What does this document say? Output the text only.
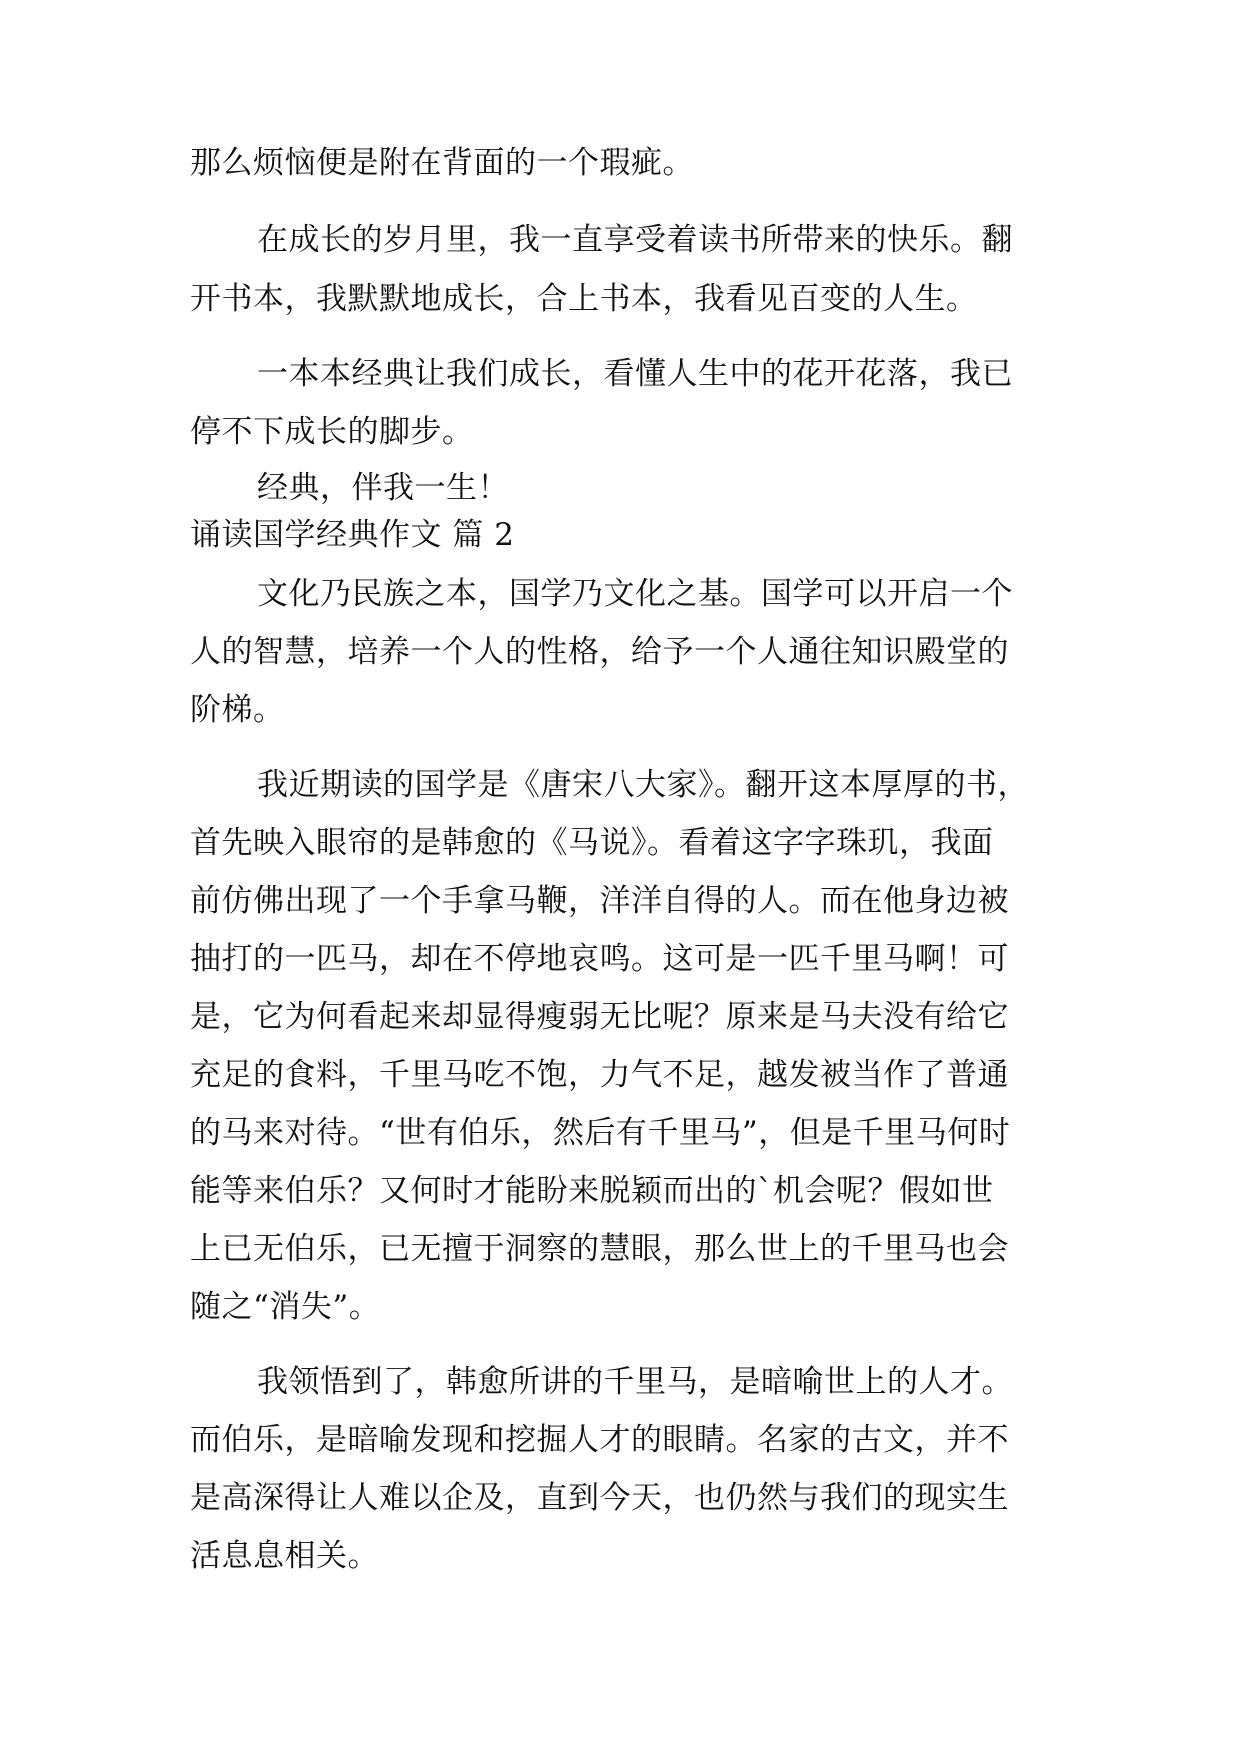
那么烦恼便是附在背面的一个瑕疵。
在成长的岁月里，我一直享受着读书所带来的快乐。翻
开书本，我默默地成长，合上书本，我看见百变的人生。
一本本经典让我们成长，看懂人生中的花开花落，我已
停不下成长的脚步。
经典，伴我一生！
诵读国学经典作文 篇 2
文化乃民族之本，国学乃文化之基。国学可以开启一个
人的智慧，培养一个人的性格，给予一个人通往知识殿堂的
阶梯。
我近期读的国学是《唐宋八大家》。翻开这本厚厚的书，
首先映入眼帘的是韩愈的《马说》。看着这字字珠玑，我面
前仿佛出现了一个手拿马鞭，洋洋自得的人。而在他身边被
抽打的一匹马，却在不停地哀鸣。这可是一匹千里马啊！可
是，它为何看起来却显得瘦弱无比呢？原来是马夫没有给它
充足的食料，千里马吃不饱，力气不足，越发被当作了普通
的马来对待。“世有伯乐，然后有千里马”，但是千里马何时
能等来伯乐？又何时才能盼来脱颖而出的`机会呢？假如世
上已无伯乐，已无擅于洞察的慧眼，那么世上的千里马也会
随之“消失”。
我领悟到了，韩愈所讲的千里马，是暗喻世上的人才。
而伯乐，是暗喻发现和挖掘人才的眼睛。名家的古文，并不
是高深得让人难以企及，直到今天，也仍然与我们的现实生
活息息相关。
